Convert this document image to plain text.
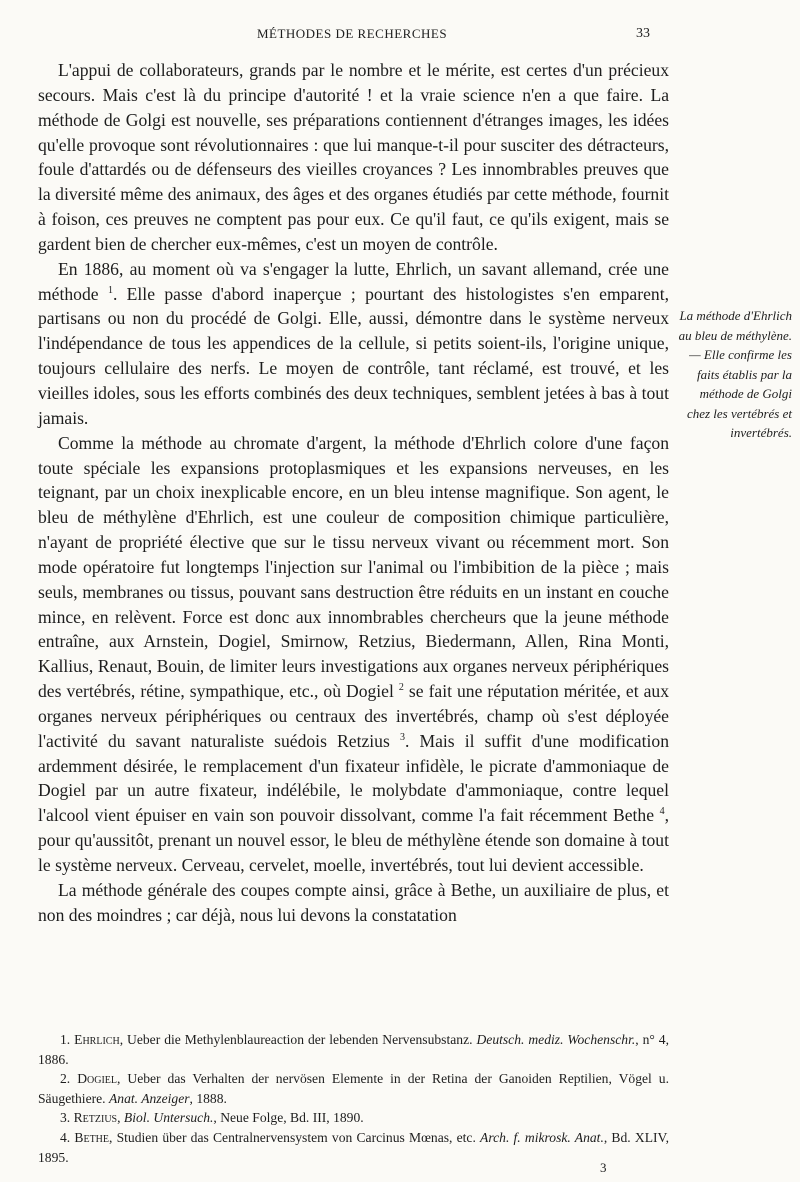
MÉTHODES DE RECHERCHES	33

L'appui de collaborateurs, grands par le nombre et le mérite, est certes d'un précieux secours. Mais c'est là du principe d'autorité ! et la vraie science n'en a que faire. La méthode de Golgi est nouvelle, ses préparations contiennent d'étranges images, les idées qu'elle provoque sont révolutionnaires : que lui manque-t-il pour susciter des détracteurs, foule d'attardés ou de défenseurs des vieilles croyances ? Les innombrables preuves que la diversité même des animaux, des âges et des organes étudiés par cette méthode, fournit à foison, ces preuves ne comptent pas pour eux. Ce qu'il faut, ce qu'ils exigent, mais se gardent bien de chercher eux-mêmes, c'est un moyen de contrôle.

En 1886, au moment où va s'engager la lutte, Ehrlich, un savant allemand, crée une méthode $^1$. Elle passe d'abord inaperçue ; pourtant des histologistes s'en emparent, partisans ou non du procédé de Golgi. Elle, aussi, démontre dans le système nerveux l'indépendance de tous les appendices de la cellule, si petits soient-ils, l'origine unique, toujours cellulaire des nerfs. Le moyen de contrôle, tant réclamé, est trouvé, et les vieilles idoles, sous les efforts combinés des deux techniques, semblent jetées à bas à tout jamais.

Comme la méthode au chromate d'argent, la méthode d'Ehrlich colore d'une façon toute spéciale les expansions protoplasmiques et les expansions nerveuses, en les teignant, par un choix inexplicable encore, en un bleu intense magnifique. Son agent, le bleu de méthylène d'Ehrlich, est une couleur de composition chimique particulière, n'ayant de propriété élective que sur le tissu nerveux vivant ou récemment mort. Son mode opératoire fut longtemps l'injection sur l'animal ou l'imbibition de la pièce ; mais seuls, membranes ou tissus, pouvant sans destruction être réduits en un instant en couche mince, en relèvent. Force est donc aux innombrables chercheurs que la jeune méthode entraîne, aux Arnstein, Dogiel, Smirnow, Retzius, Biedermann, Allen, Rina Monti, Kallius, Renaut, Bouin, de limiter leurs investigations aux organes nerveux périphériques des vertébrés, rétine, sympathique, etc., où Dogiel $^2$ se fait une réputation méritée, et aux organes nerveux périphériques ou centraux des invertébrés, champ où s'est déployée l'activité du savant naturaliste suédois Retzius $^3$. Mais il suffit d'une modification ardemment désirée, le remplacement d'un fixateur infidèle, le picrate d'ammoniaque de Dogiel par un autre fixateur, indélébile, le molybdate d'ammoniaque, contre lequel l'alcool vient épuiser en vain son pouvoir dissolvant, comme l'a fait récemment Bethe $^4$, pour qu'aussitôt, prenant un nouvel essor, le bleu de méthylène étende son domaine à tout le système nerveux. Cerveau, cervelet, moelle, invertébrés, tout lui devient accessible.

La méthode générale des coupes compte ainsi, grâce à Bethe, un auxiliaire de plus, et non des moindres ; car déjà, nous lui devons la constatation

La méthode d'Ehrlich au bleu de méthylène. — Elle confirme les faits établis par la méthode de Golgi chez les vertébrés et invertébrés.

1. Ehrlich, Ueber die Methylenblaureaction der lebenden Nervensubstanz. Deutsch. mediz. Wochenschr., n° 4, 1886.

2. Dogiel, Ueber das Verhalten der nervösen Elemente in der Retina der Ganoiden Reptilien, Vögel u. Säugethiere. Anat. Anzeiger, 1888.

3. Retzius, Biol. Untersuch., Neue Folge, Bd. III, 1890.

4. Bethe, Studien über das Centralnervensystem von Carcinus Mœnas, etc. Arch. f. mikrosk. Anat., Bd. XLIV, 1895.

3
